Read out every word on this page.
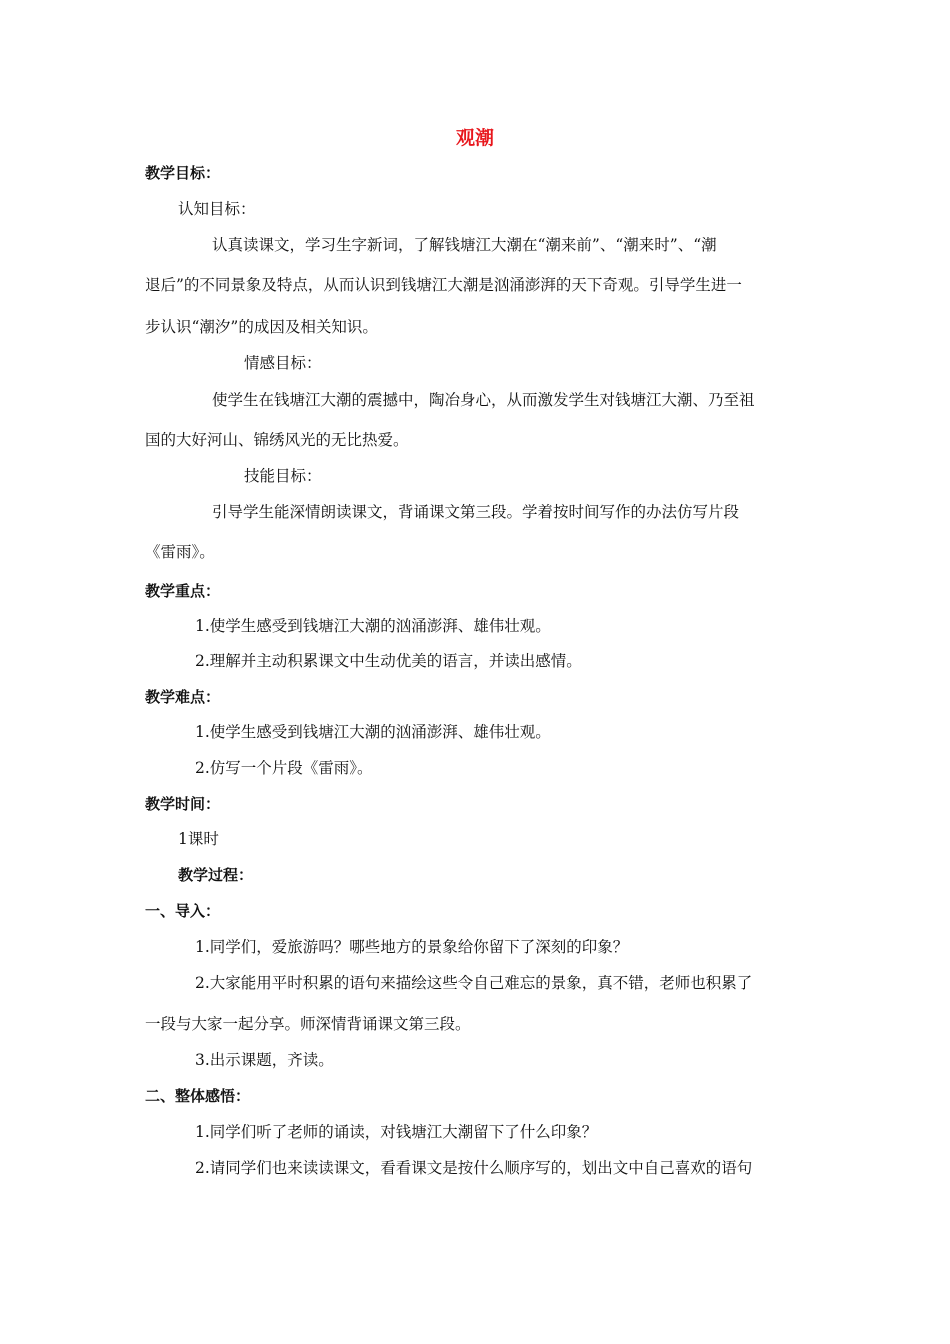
观潮
教学目标：
认知目标：
认真读课文，学习生字新词，了解钱塘江大潮在“潮来前”、“潮来时”、“潮
退后”的不同景象及特点，从而认识到钱塘江大潮是汹涌澎湃的天下奇观。引导学生进一
步认识“潮汐”的成因及相关知识。
情感目标：
使学生在钱塘江大潮的震撼中，陶冶身心，从而激发学生对钱塘江大潮、乃至祖
国的大好河山、锦绣风光的无比热爱。
技能目标：
引导学生能深情朗读课文，背诵课文第三段。学着按时间写作的办法仿写片段
《雷雨》。
教学重点：
1.使学生感受到钱塘江大潮的汹涌澎湃、雄伟壮观。
2.理解并主动积累课文中生动优美的语言，并读出感情。
教学难点：
1.使学生感受到钱塘江大潮的汹涌澎湃、雄伟壮观。
2.仿写一个片段《雷雨》。
教学时间：
1课时
教学过程：
一、导入：
1.同学们，爱旅游吗？哪些地方的景象给你留下了深刻的印象？
2.大家能用平时积累的语句来描绘这些令自己难忘的景象，真不错，老师也积累了
一段与大家一起分享。师深情背诵课文第三段。
3.出示课题，齐读。
二、整体感悟：
1.同学们听了老师的诵读，对钱塘江大潮留下了什么印象？
2.请同学们也来读读课文，看看课文是按什么顺序写的，划出文中自己喜欢的语句
